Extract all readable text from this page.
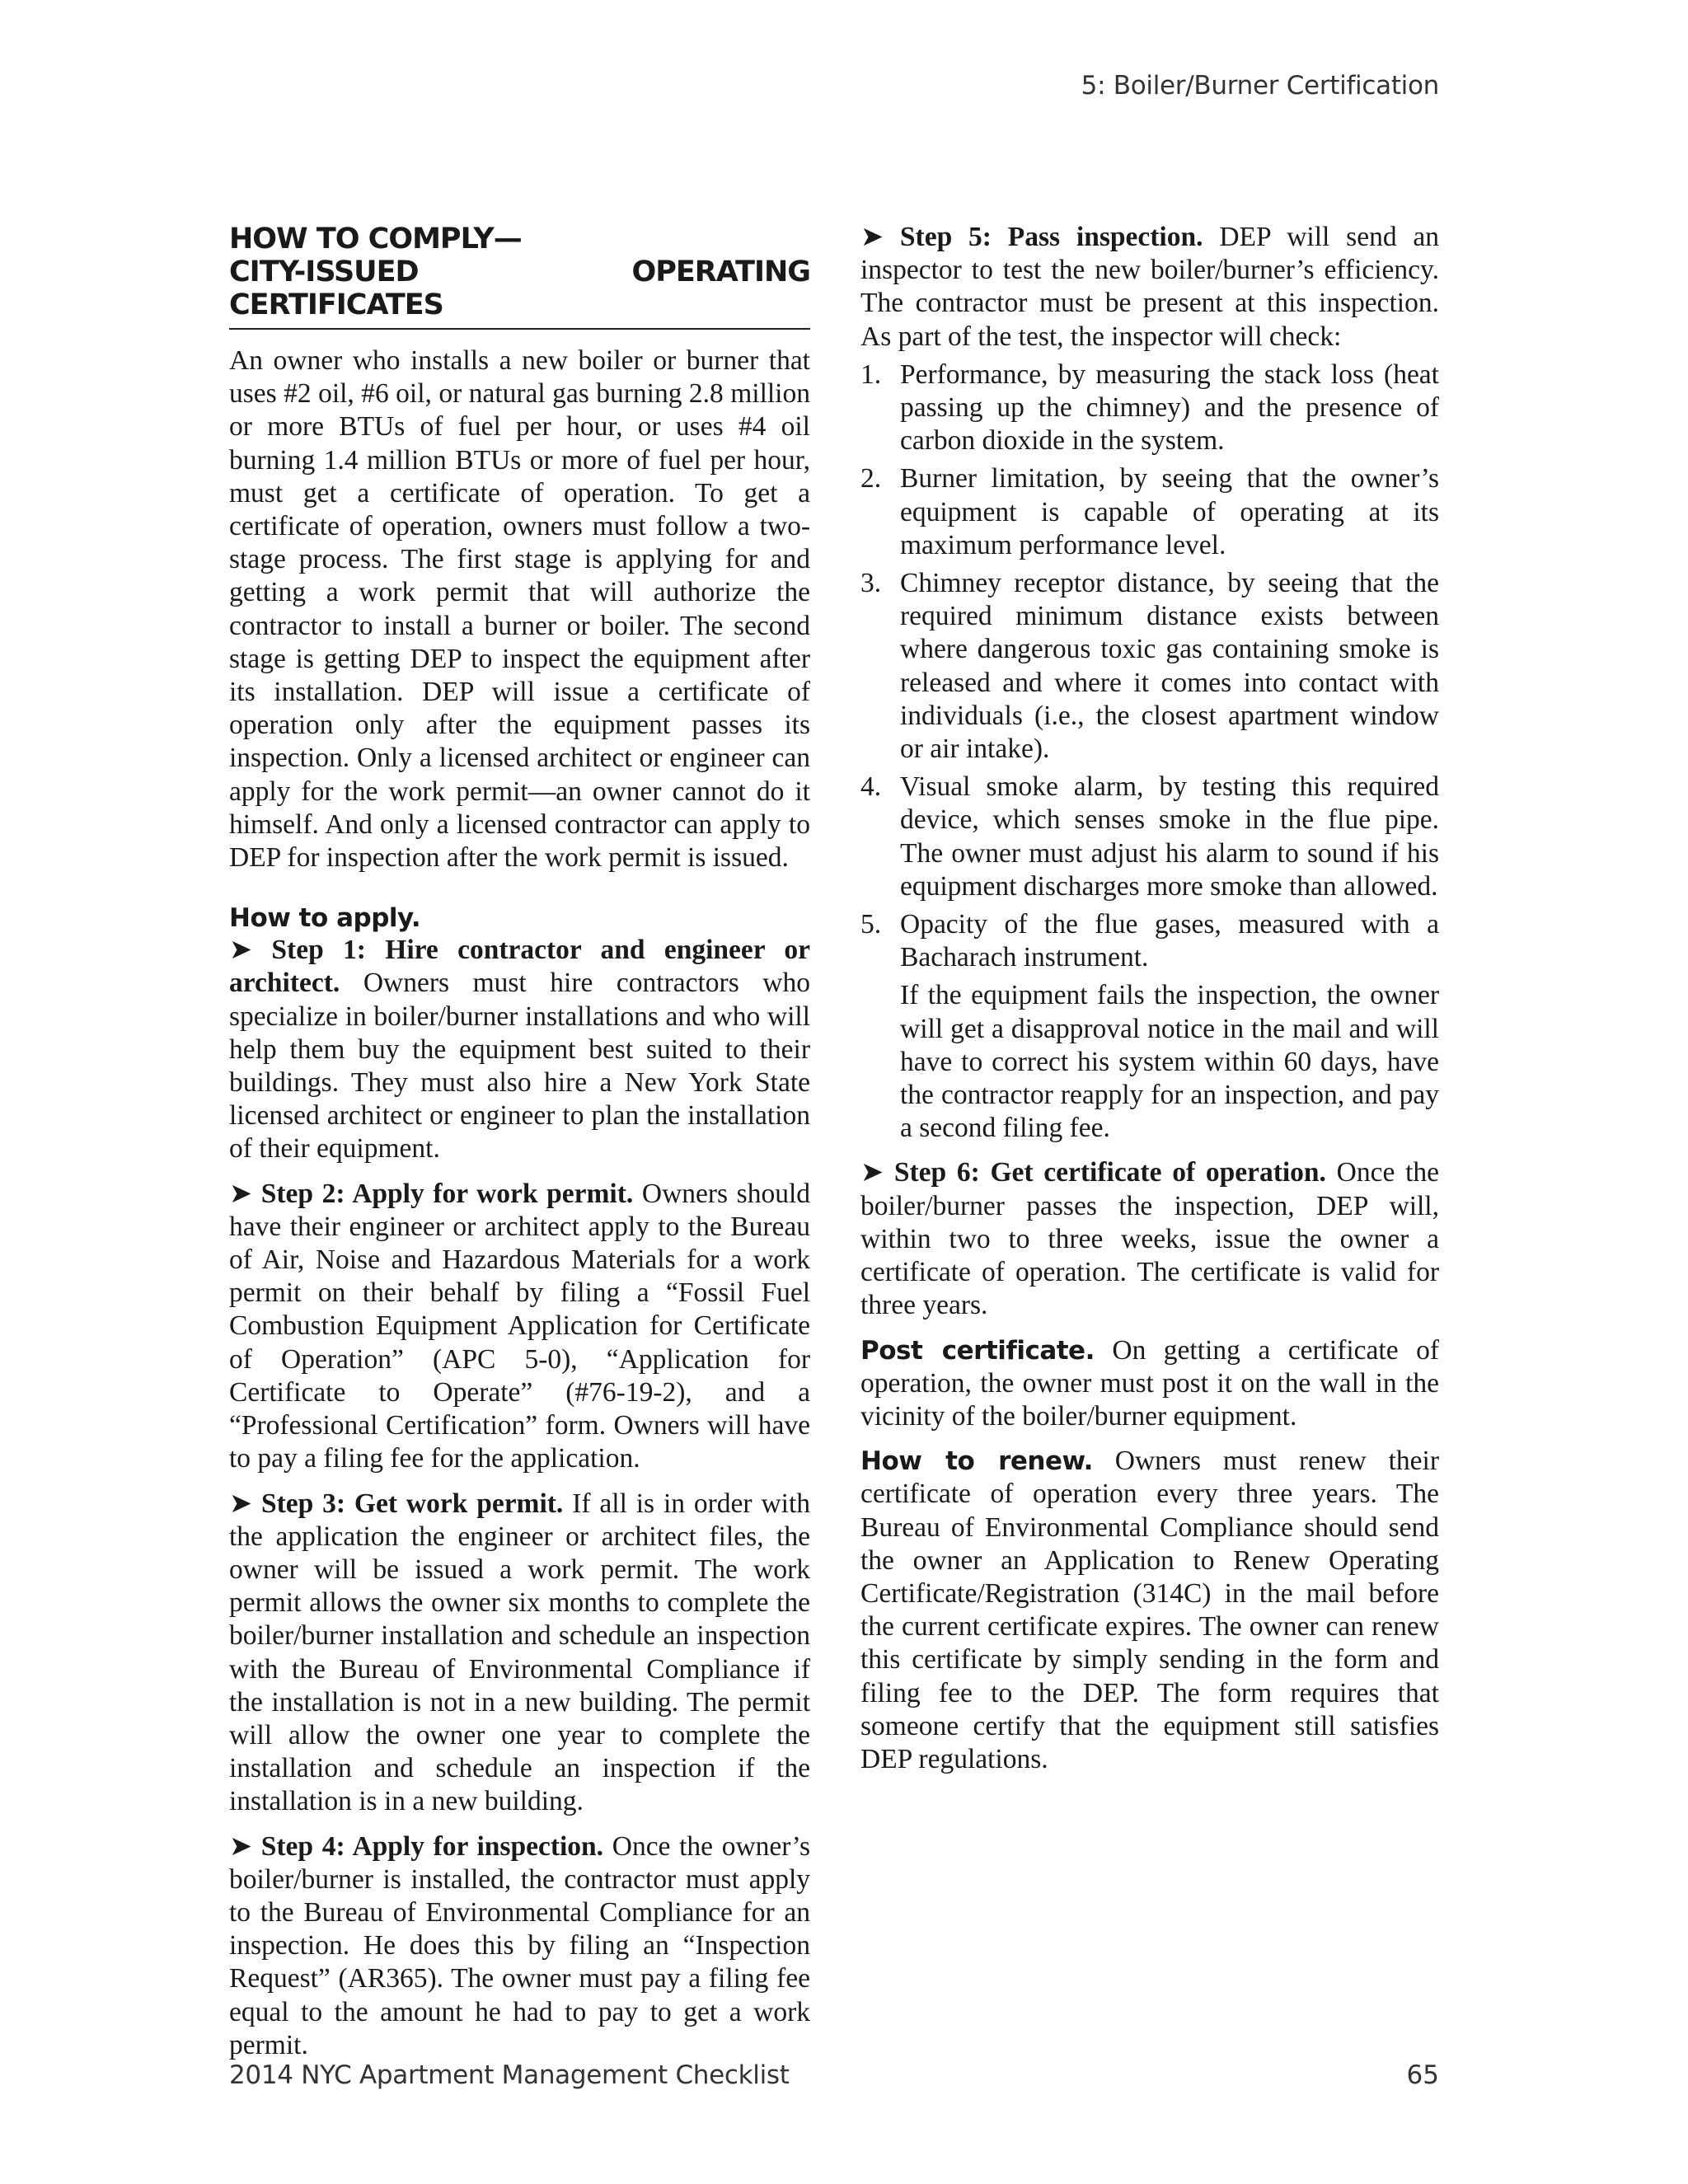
5: Boiler/Burner Certification
HOW TO COMPLY—
CITY-ISSUED OPERATING CERTIFICATES

An owner who installs a new boiler or burner that uses #2 oil, #6 oil, or natural gas burning 2.8 million or more BTUs of fuel per hour, or uses #4 oil burning 1.4 million BTUs or more of fuel per hour, must get a certificate of operation. To get a certificate of operation, owners must follow a two-stage process. The first stage is applying for and getting a work permit that will authorize the contractor to install a burner or boiler. The second stage is getting DEP to inspect the equipment after its installation. DEP will issue a certificate of operation only after the equipment passes its inspection. Only a licensed architect or engineer can apply for the work permit—an owner cannot do it himself. And only a licensed contractor can apply to DEP for inspection after the work permit is issued.

How to apply.

➤ Step 1: Hire contractor and engineer or architect. Owners must hire contractors who specialize in boiler/burner installations and who will help them buy the equipment best suited to their buildings. They must also hire a New York State licensed architect or engineer to plan the installation of their equipment.

➤ Step 2: Apply for work permit. Owners should have their engineer or architect apply to the Bureau of Air, Noise and Hazardous Materials for a work permit on their behalf by filing a “Fossil Fuel Combustion Equipment Application for Certificate of Operation” (APC 5-0), “Application for Certificate to Operate” (#76-19-2), and a “Professional Certification” form. Owners will have to pay a filing fee for the application.

➤ Step 3: Get work permit. If all is in order with the application the engineer or architect files, the owner will be issued a work permit. The work permit allows the owner six months to complete the boiler/burner installation and schedule an inspection with the Bureau of Environmental Compliance if the installation is not in a new building. The permit will allow the owner one year to complete the installation and schedule an inspection if the installation is in a new building.

➤ Step 4: Apply for inspection. Once the owner’s boiler/burner is installed, the contractor must apply to the Bureau of Environmental Compliance for an inspection. He does this by filing an “Inspection Request” (AR365). The owner must pay a filing fee equal to the amount he had to pay to get a work permit.

➤ Step 5: Pass inspection. DEP will send an inspector to test the new boiler/burner’s efficiency. The contractor must be present at this inspection. As part of the test, the inspector will check:

1. Performance, by measuring the stack loss (heat passing up the chimney) and the presence of carbon dioxide in the system.
2. Burner limitation, by seeing that the owner’s equipment is capable of operating at its maximum performance level.
3. Chimney receptor distance, by seeing that the required minimum distance exists between where dangerous toxic gas containing smoke is released and where it comes into contact with individuals (i.e., the closest apartment window or air intake).
4. Visual smoke alarm, by testing this required device, which senses smoke in the flue pipe. The owner must adjust his alarm to sound if his equipment discharges more smoke than allowed.
5. Opacity of the flue gases, measured with a Bacharach instrument.

If the equipment fails the inspection, the owner will get a disapproval notice in the mail and will have to correct his system within 60 days, have the contractor reapply for an inspection, and pay a second filing fee.

➤ Step 6: Get certificate of operation. Once the boiler/burner passes the inspection, DEP will, within two to three weeks, issue the owner a certificate of operation. The certificate is valid for three years.

Post certificate. On getting a certificate of operation, the owner must post it on the wall in the vicinity of the boiler/burner equipment.

How to renew. Owners must renew their certificate of operation every three years. The Bureau of Environmental Compliance should send the owner an Application to Renew Operating Certificate/Registration (314C) in the mail before the current certificate expires. The owner can renew this certificate by simply sending in the form and filing fee to the DEP. The form requires that someone certify that the equipment still satisfies DEP regulations.

2014 NYC Apartment Management Checklist	65
